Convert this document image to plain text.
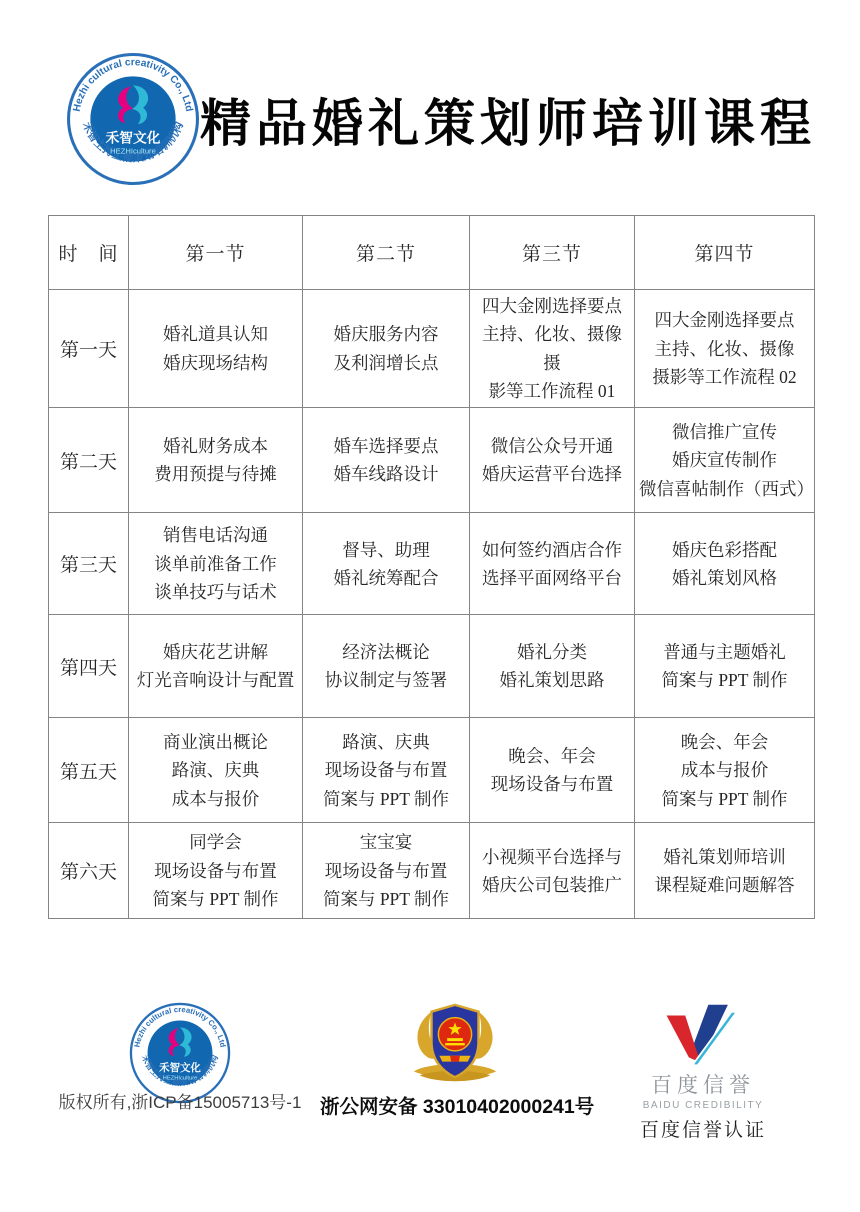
精品婚礼策划师培训课程
时　间	第一节	第二节	第三节	第四节
第一天	婚礼道具认知
婚庆现场结构	婚庆服务内容
及利润增长点	四大金刚选择要点
主持、化妆、摄像摄
影等工作流程 01	四大金刚选择要点
主持、化妆、摄像
摄影等工作流程 02
第二天	婚礼财务成本
费用预提与待摊	婚车选择要点
婚车线路设计	微信公众号开通
婚庆运营平台选择	微信推广宣传
婚庆宣传制作
微信喜帖制作（西式）
第三天	销售电话沟通
谈单前准备工作
谈单技巧与话术	督导、助理
婚礼统筹配合	如何签约酒店合作
选择平面网络平台	婚庆色彩搭配
婚礼策划风格
第四天	婚庆花艺讲解
灯光音响设计与配置	经济法概论
协议制定与签署	婚礼分类
婚礼策划思路	普通与主题婚礼
简案与 PPT 制作
第五天	商业演出概论
路演、庆典
成本与报价	路演、庆典
现场设备与布置
简案与 PPT 制作	晚会、年会
现场设备与布置	晚会、年会
成本与报价
简案与 PPT 制作
第六天	同学会
现场设备与布置
简案与 PPT 制作	宝宝宴
现场设备与布置
简案与 PPT 制作	小视频平台选择与
婚庆公司包装推广	婚礼策划师培训
课程疑难问题解答
版权所有,浙ICP备15005713号-1 浙公网安备 33010402000241号
百度信誉
BAIDU CREDIBILITY
百度信誉认证
